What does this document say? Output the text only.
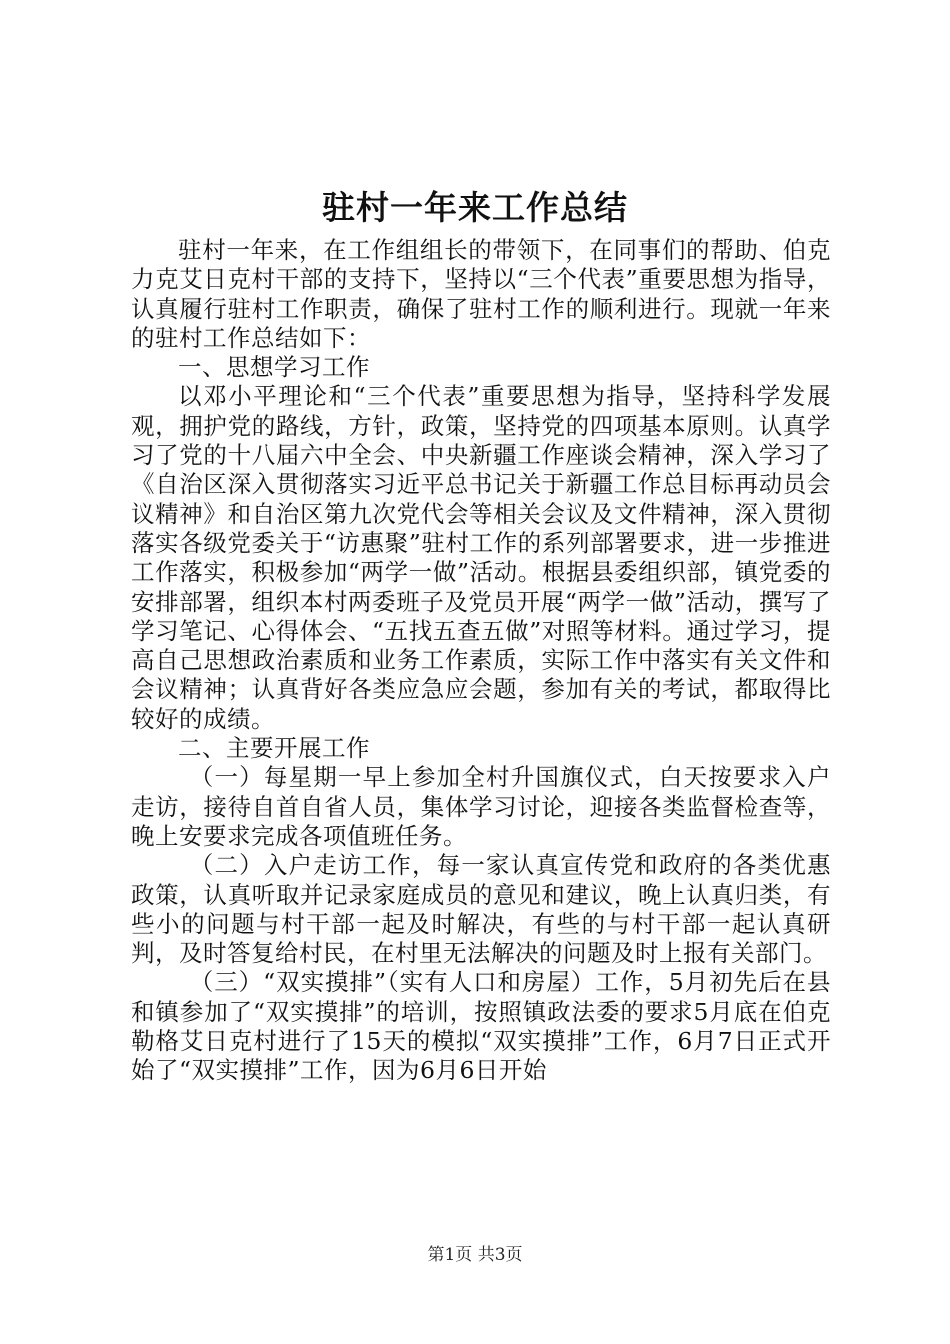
驻村一年来工作总结

驻村一年来，在工作组组长的带领下，在同事们的帮助、伯克力克艾日克村干部的支持下，坚持以“三个代表”重要思想为指导，认真履行驻村工作职责，确保了驻村工作的顺利进行。现就一年来的驻村工作总结如下：

一、思想学习工作

以邓小平理论和“三个代表”重要思想为指导，坚持科学发展观，拥护党的路线，方针，政策，坚持党的四项基本原则。认真学习了党的十八届六中全会、中央新疆工作座谈会精神，深入学习了《自治区深入贯彻落实习近平总书记关于新疆工作总目标再动员会议精神》和自治区第九次党代会等相关会议及文件精神，深入贯彻落实各级党委关于“访惠聚”驻村工作的系列部署要求，进一步推进工作落实，积极参加“两学一做”活动。根据县委组织部，镇党委的安排部署，组织本村两委班子及党员开展“两学一做”活动，撰写了学习笔记、心得体会、“五找五查五做”对照等材料。通过学习，提高自己思想政治素质和业务工作素质，实际工作中落实有关文件和会议精神；认真背好各类应急应会题，参加有关的考试，都取得比较好的成绩。

二、主要开展工作

（一）每星期一早上参加全村升国旗仪式，白天按要求入户走访，接待自首自省人员，集体学习讨论，迎接各类监督检查等，晚上安要求完成各项值班任务。

（二）入户走访工作，每一家认真宣传党和政府的各类优惠政策，认真听取并记录家庭成员的意见和建议，晚上认真归类，有些小的问题与村干部一起及时解决，有些的与村干部一起认真研判，及时答复给村民，在村里无法解决的问题及时上报有关部门。

（三）“双实摸排”（实有人口和房屋）工作，5月初先后在县和镇参加了“双实摸排”的培训，按照镇政法委的要求5月底在伯克勒格艾日克村进行了15天的模拟“双实摸排”工作，6月7日正式开始了“双实摸排”工作，因为6月6日开始

第1页 共3页
